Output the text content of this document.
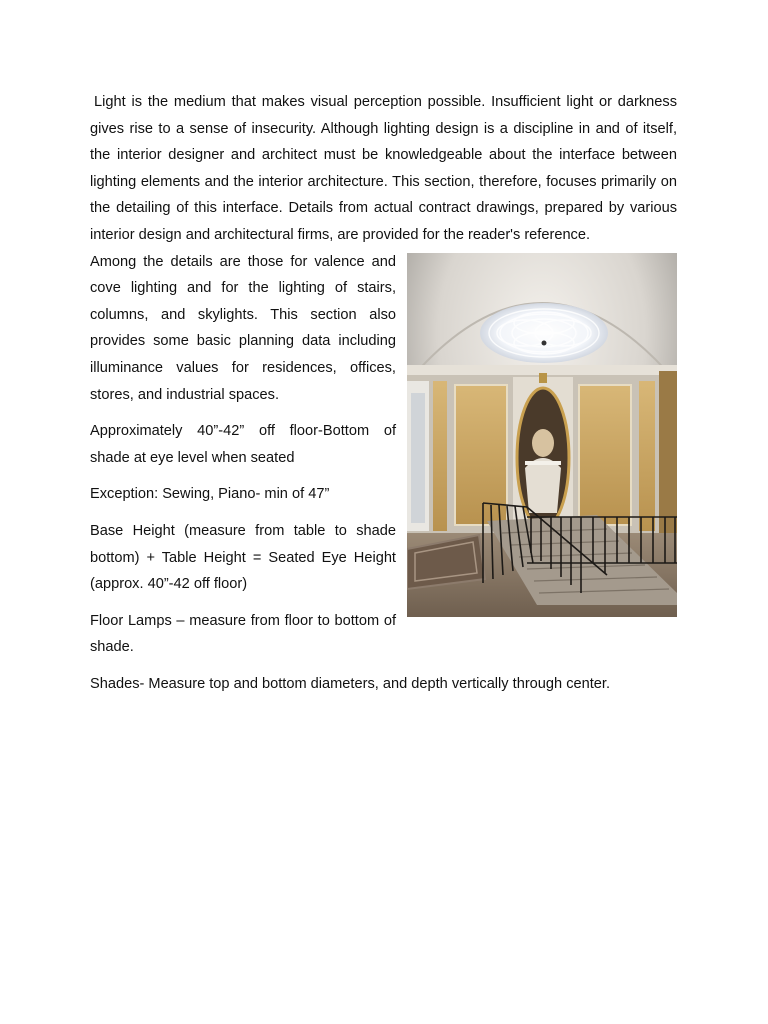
Light is the medium that makes visual perception possible. Insufficient light or darkness gives rise to a sense of insecurity. Although lighting design is a discipline in and of itself, the interior designer and architect must be knowledgeable about the interface between lighting elements and the interior architecture. This section, therefore, focuses primarily on the detailing of this interface. Details from actual contract drawings, prepared by various interior design and architectural firms, are provided for the reader's reference.

Among the details are those for valence and cove lighting and for the lighting of stairs, columns, and skylights. This section also provides some basic planning data including illuminance values for residences, offices, stores, and industrial spaces.

Approximately 40”-42” off floor-Bottom of shade at eye level when seated

Exception: Sewing, Piano- min of 47”

Base Height (measure from table to shade bottom) + Table Height = Seated Eye Height (approx. 40”-42 off floor)

Floor Lamps – measure from floor to bottom of shade.

Shades- Measure top and bottom diameters, and depth vertically through center.
